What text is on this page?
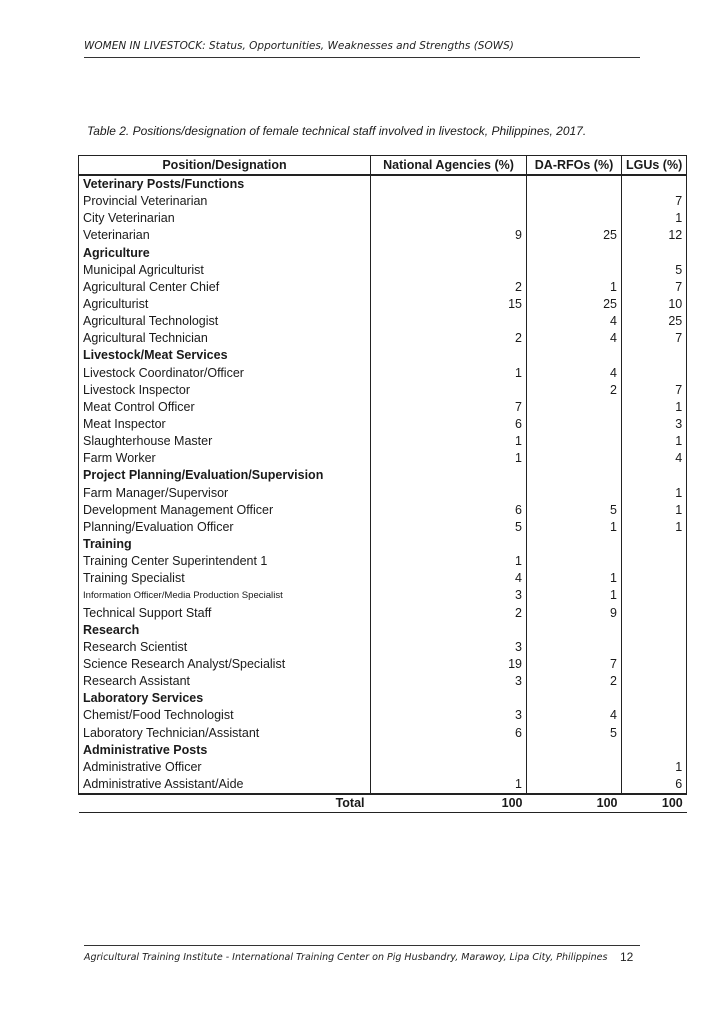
WOMEN IN LIVESTOCK: Status, Opportunities, Weaknesses and Strengths (SOWS)
Table 2. Positions/designation of female technical staff involved in livestock, Philippines, 2017.
Position/Designation	National Agencies (%)	DA-RFOs (%)	LGUs (%)
Veterinary Posts/Functions			
Provincial Veterinarian			7
City Veterinarian			1
Veterinarian	9	25	12
Agriculture			
Municipal Agriculturist			5
Agricultural Center Chief	2	1	7
Agriculturist	15	25	10
Agricultural Technologist		4	25
Agricultural Technician	2	4	7
Livestock/Meat Services			
Livestock Coordinator/Officer	1	4	
Livestock Inspector		2	7
Meat Control Officer	7		1
Meat Inspector	6		3
Slaughterhouse Master	1		1
Farm Worker	1		4
Project Planning/Evaluation/Supervision			
Farm Manager/Supervisor			1
Development Management Officer	6	5	1
Planning/Evaluation Officer	5	1	1
Training			
Training Center Superintendent 1	1		
Training Specialist	4	1	
Information Officer/Media Production Specialist	3	1	
Technical Support Staff	2	9	
Research			
Research Scientist	3		
Science Research Analyst/Specialist	19	7	
Research Assistant	3	2	
Laboratory Services			
Chemist/Food Technologist	3	4	
Laboratory Technician/Assistant	6	5	
Administrative Posts			
Administrative Officer			1
Administrative Assistant/Aide	1		6
Total	100	100	100
Agricultural Training Institute - International Training Center on Pig Husbandry, Marawoy, Lipa City, Philippines 12
